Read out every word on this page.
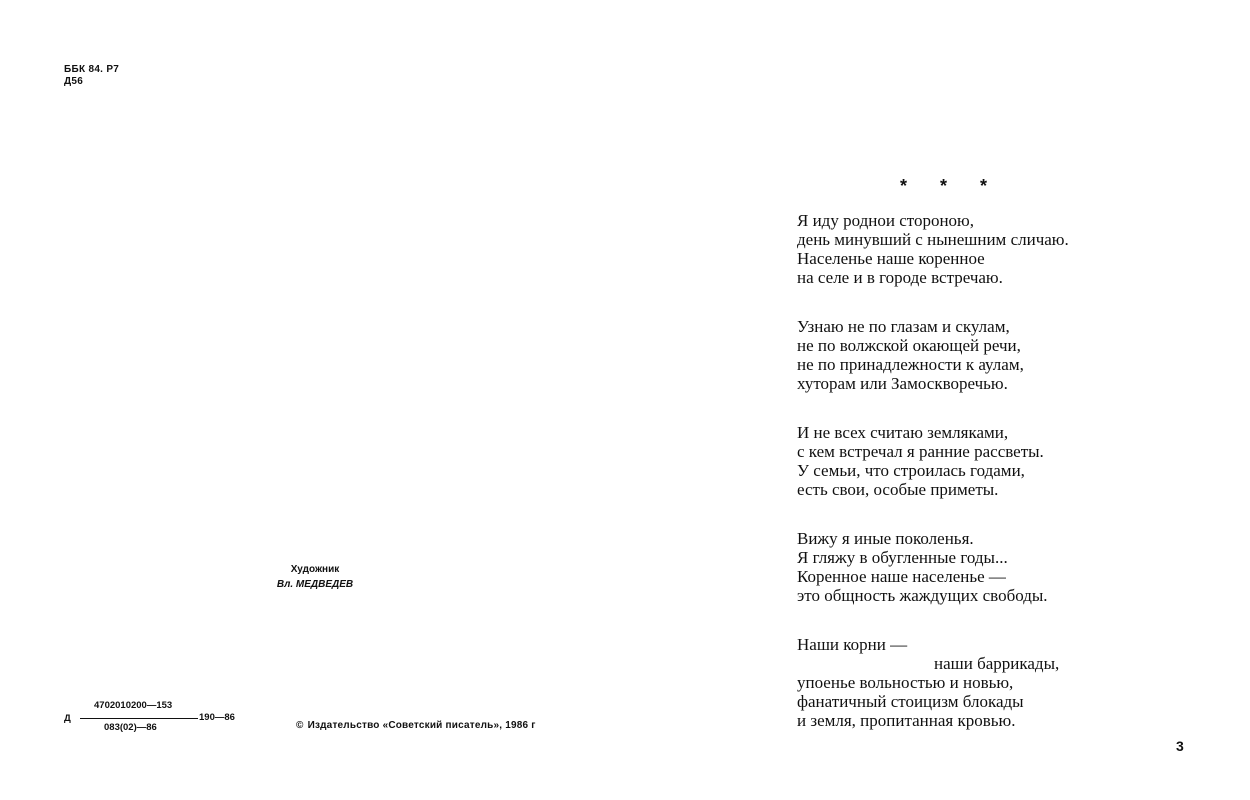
ББК 84. Р7
Д56
Художник
Вл. МЕДВЕДЕВ
Д
4702010200—153
083(02)—86
190—86
© Издательство «Советский писатель», 1986 г
* * *

Я иду роднои стороною,
день минувший с нынешним сличаю.
Населенье наше коренное
на селе и в городе встречаю.

Узнаю не по глазам и скулам,
не по волжской окающей речи,
не по принадлежности к аулам,
хуторам или Замоскворечью.

И не всех считаю земляками,
с кем встречал я ранние рассветы.
У семьи, что строилась годами,
есть свои, особые приметы.

Вижу я иные поколенья.
Я гляжу в обугленные годы...
Коренное наше населенье —
это общность жаждущих свободы.

Наши корни —
наши баррикады,
упоенье вольностью и новью,
фанатичный стоицизм блокады
и земля, пропитанная кровью.

3
